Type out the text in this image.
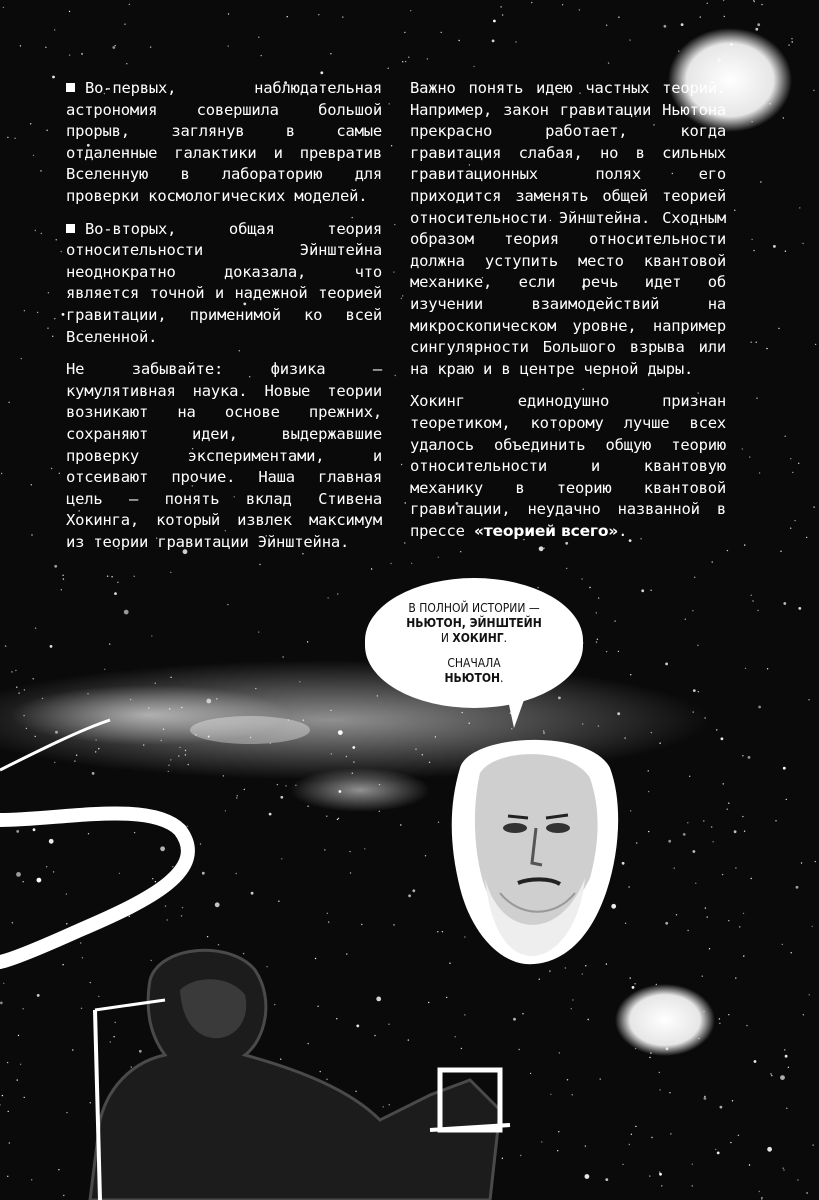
Во-первых, наблюдательная астрономия совершила большой прорыв, заглянув в самые отдаленные галактики и превратив Вселенную в лабораторию для проверки космологических моделей.

Во-вторых, общая теория относительности Эйнштейна неоднократно доказала, что является точной и надежной теорией гравитации, применимой ко всей Вселенной.

Не забывайте: физика — кумулятивная наука. Новые теории возникают на основе прежних, сохраняют идеи, выдержавшие проверку экспериментами, и отсеивают прочие. Наша главная цель — понять вклад Стивена Хокинга, который извлек максимум из теории гравитации Эйнштейна.

Важно понять идею частных теорий. Например, закон гравитации Ньютона прекрасно работает, когда гравитация слабая, но в сильных гравитационных полях его приходится заменять общей теорией относительности Эйнштейна. Сходным образом теория относительности должна уступить место квантовой механике, если речь идет об изучении взаимодействий на микроскопическом уровне, например сингулярности Большого взрыва или на краю и в центре черной дыры.

Хокинг единодушно признан теоретиком, которому лучше всех удалось объединить общую теорию относительности и квантовую механику в теорию квантовой гравитации, неудачно названной в прессе «теорией всего».

В ПОЛНОЙ ИСТОРИИ —
НЬЮТОН, ЭЙНШТЕЙН
И ХОКИНГ.
СНАЧАЛА
НЬЮТОН.
